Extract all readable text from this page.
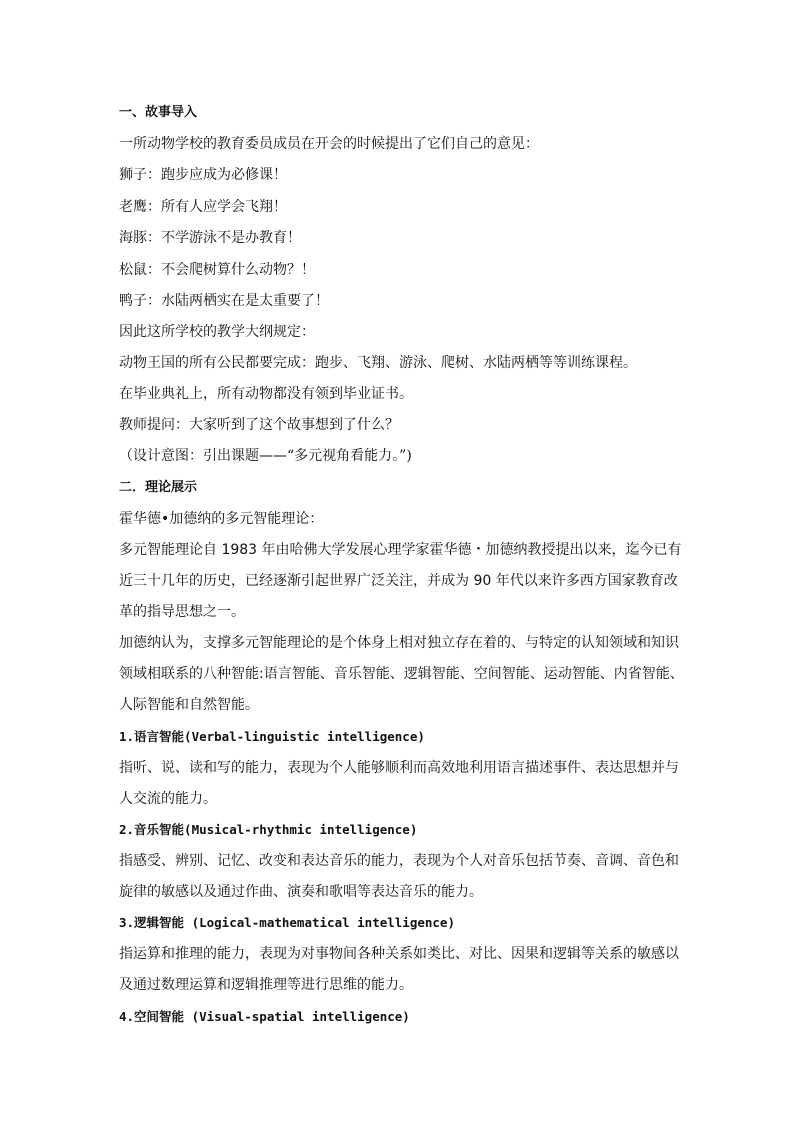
一、故事导入
一所动物学校的教育委员成员在开会的时候提出了它们自己的意见：
狮子：跑步应成为必修课！
老鹰：所有人应学会飞翔！
海豚：不学游泳不是办教育！
松鼠：不会爬树算什么动物？！
鸭子：水陆两栖实在是太重要了！
因此这所学校的教学大纲规定：
动物王国的所有公民都要完成：跑步、飞翔、游泳、爬树、水陆两栖等等训练课程。
在毕业典礼上，所有动物都没有领到毕业证书。
教师提问：大家听到了这个故事想到了什么？
（设计意图：引出课题——“多元视角看能力。”)
二．理论展示
霍华德•加德纳的多元智能理论：
多元智能理论自 1983 年由哈佛大学发展心理学家霍华德・加德纳教授提出以来，迄今已有
近三十几年的历史，已经逐渐引起世界广泛关注，并成为 90 年代以来许多西方国家教育改
革的指导思想之一。
加德纳认为，支撑多元智能理论的是个体身上相对独立存在着的、与特定的认知领域和知识
领域相联系的八种智能:语言智能、音乐智能、逻辑智能、空间智能、运动智能、内省智能、
人际智能和自然智能。
1.语言智能(Verbal-linguistic intelligence)
指听、说、读和写的能力，表现为个人能够顺利而高效地利用语言描述事件、表达思想并与
人交流的能力。
2.音乐智能(Musical-rhythmic intelligence)
指感受、辨别、记忆、改变和表达音乐的能力，表现为个人对音乐包括节奏、音调、音色和
旋律的敏感以及通过作曲、演奏和歌唱等表达音乐的能力。
3.逻辑智能 (Logical-mathematical intelligence)
指运算和推理的能力，表现为对事物间各种关系如类比、对比、因果和逻辑等关系的敏感以
及通过数理运算和逻辑推理等进行思维的能力。
4.空间智能 (Visual-spatial intelligence)
